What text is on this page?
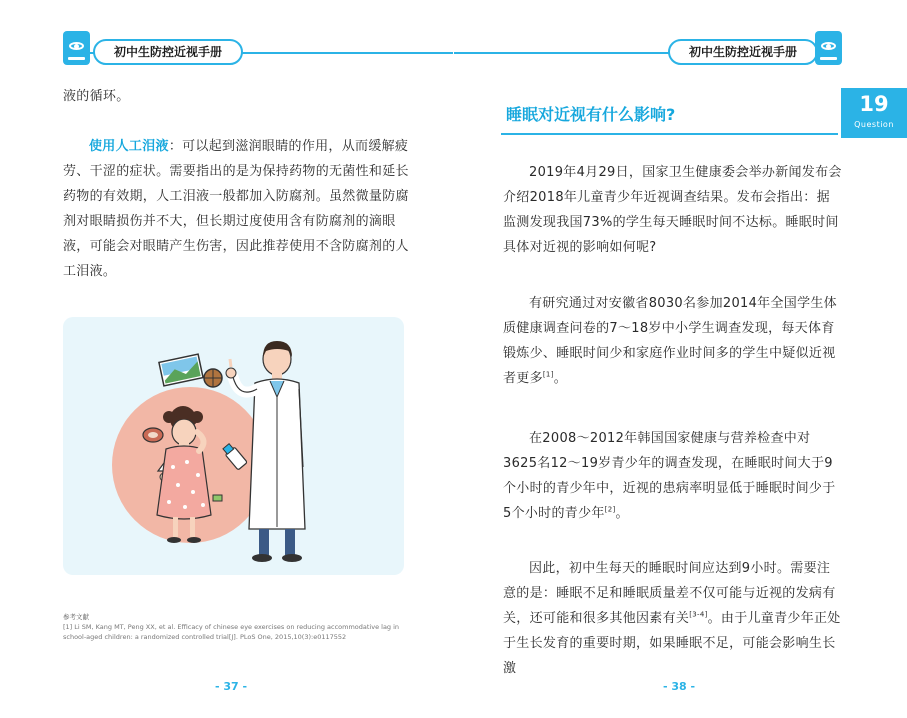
初中生防控近视手册

液的循环。

使用人工泪液：可以起到滋润眼睛的作用，从而缓解疲劳、干涩的症状。需要指出的是为保持药物的无菌性和延长药物的有效期，人工泪液一般都加入防腐剂。虽然微量防腐剂对眼睛损伤并不大，但长期过度使用含有防腐剂的滴眼液，可能会对眼睛产生伤害，因此推荐使用不含防腐剂的人工泪液。

参考文献
[1] Li SM, Kang MT, Peng XX, et al. Efficacy of chinese eye exercises on reducing accommodative lag in school-aged children: a randomized controlled trial[J]. PLoS One, 2015,10(3):e0117552
- 37 -
初中生防控近视手册
睡眠对近视有什么影响?	19
Question

2019年4月29日，国家卫生健康委会举办新闻发布会介绍2018年儿童青少年近视调查结果。发布会指出：据监测发现我国73%的学生每天睡眠时间不达标。睡眠时间具体对近视的影响如何呢?

有研究通过对安徽省8030名参加2014年全国学生体质健康调查问卷的7～18岁中小学生调查发现，每天体育锻炼少、睡眠时间少和家庭作业时间多的学生中疑似近视者更多[1]。

在2008～2012年韩国国家健康与营养检查中对3625名12～19岁青少年的调查发现，在睡眠时间大于9个小时的青少年中，近视的患病率明显低于睡眠时间少于5个小时的青少年[2]。

因此，初中生每天的睡眠时间应达到9小时。需要注意的是：睡眠不足和睡眠质量差不仅可能与近视的发病有关，还可能和很多其他因素有关[3-4]。由于儿童青少年正处于生长发育的重要时期，如果睡眠不足，可能会影响生长激

- 38 -
